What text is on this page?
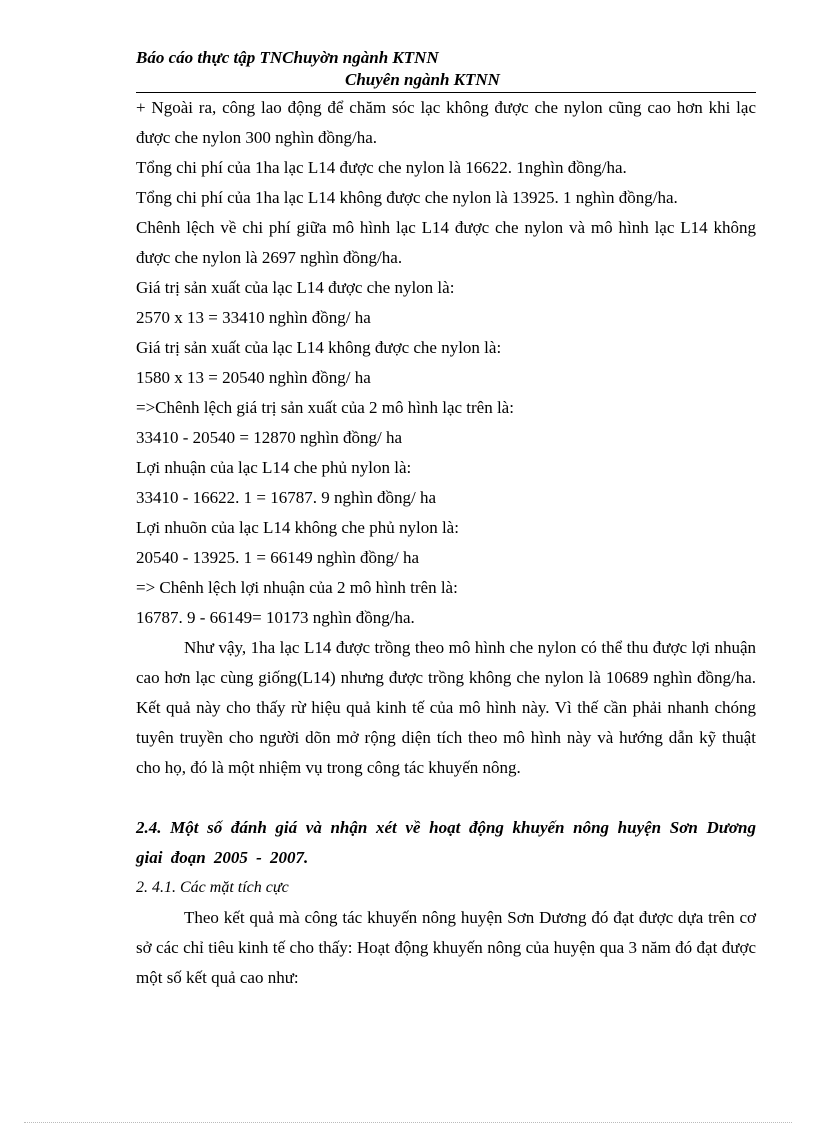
Báo cáo thực tập TNChuyờn ngành KTNN
Chuyên ngành KTNN

+ Ngoài ra, công lao động để chăm sóc lạc không được che nylon cũng cao hơn khi lạc được che nylon 300 nghìn đồng/ha.

Tổng chi phí của 1ha lạc L14 được che nylon là 16622. 1nghìn đồng/ha.

Tổng chi phí của 1ha lạc L14 không được che nylon là 13925. 1 nghìn đồng/ha.

Chênh lệch về chi phí giữa mô hình lạc L14 được che nylon và mô hình lạc L14 không được che nylon là 2697 nghìn đồng/ha.

Giá trị sản xuất của lạc L14 được che nylon là:

2570 x 13 = 33410 nghìn đồng/ ha

Giá trị sản xuất của lạc L14 không được che nylon là:

1580 x 13 = 20540 nghìn đồng/ ha

=>Chênh lệch giá trị sản xuất của 2 mô hình lạc trên là:

33410 - 20540 = 12870 nghìn đồng/ ha

Lợi nhuận của lạc L14 che phủ nylon là:

33410 - 16622. 1 = 16787. 9 nghìn đồng/ ha

Lợi nhuõn của lạc L14 không che phủ nylon là:

20540 - 13925. 1 = 66149 nghìn đồng/ ha

=> Chênh lệch lợi nhuận của 2 mô hình trên là:

16787. 9 - 66149= 10173 nghìn đồng/ha.

Như vậy, 1ha lạc L14 được trồng theo mô hình che nylon có thể thu được lợi nhuận cao hơn lạc cùng giống(L14) nhưng được trồng không che nylon là 10689 nghìn đồng/ha. Kết quả này cho thấy rừ hiệu quả kinh tế của mô hình này. Vì thế cần phải nhanh chóng tuyên truyền cho người dõn mở rộng diện tích theo mô hình này và hướng dẫn kỹ thuật cho họ, đó là một nhiệm vụ trong công tác khuyến nông.

2.4. Một số đánh giá và nhận xét về hoạt động khuyến nông huyện Sơn Dương giai đoạn 2005 - 2007.

2. 4.1. Các mặt tích cực

Theo kết quả mà công tác khuyến nông huyện Sơn Dương đó đạt được dựa trên cơ sở các chỉ tiêu kinh tế cho thấy: Hoạt động khuyến nông của huyện qua 3 năm đó đạt được một số kết quả cao như:
